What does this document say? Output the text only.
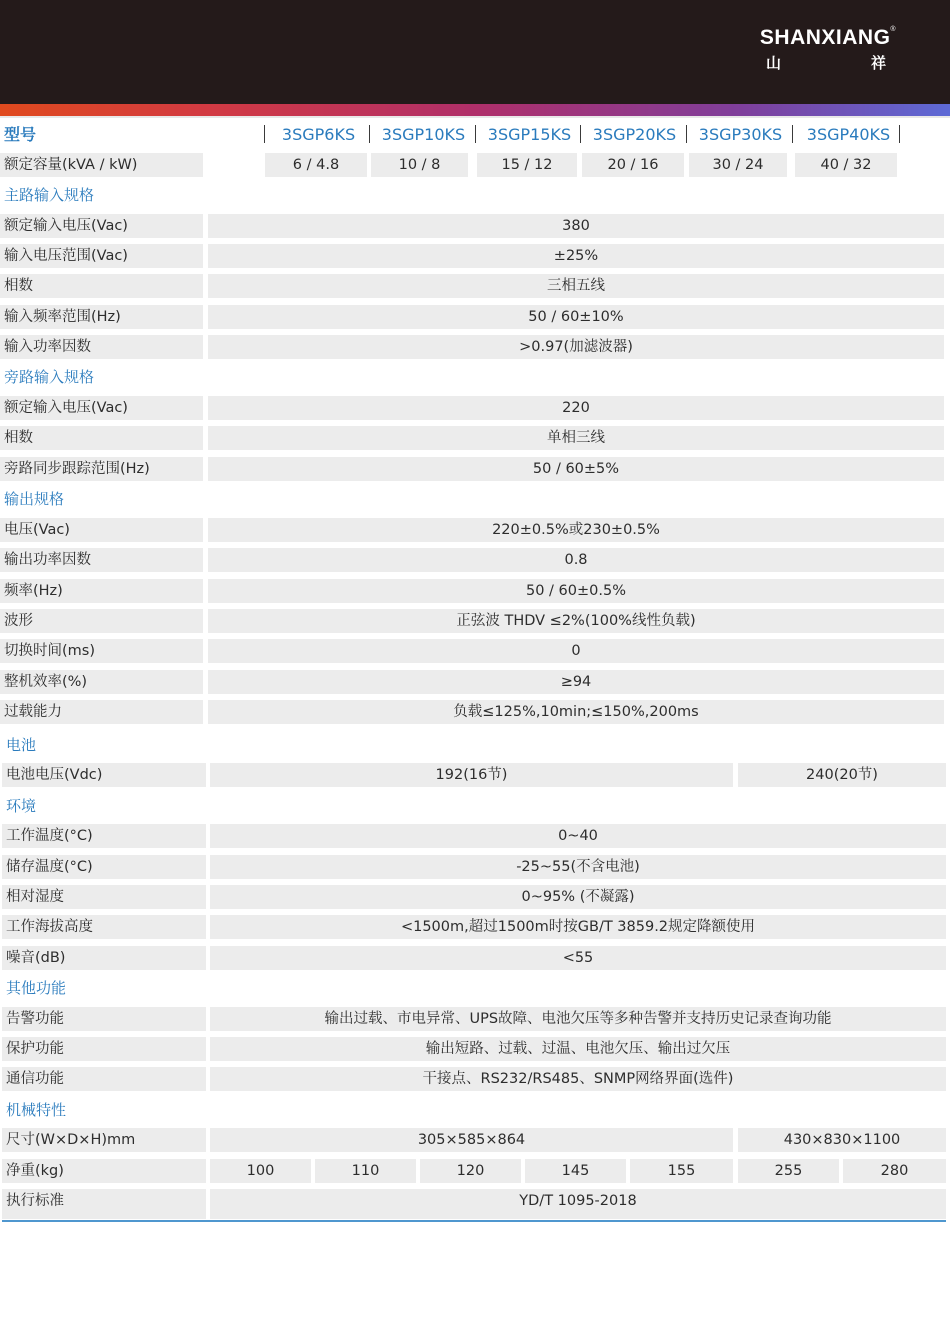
SHANXIANG®
山	祥
型号	3SGP6KS	3SGP10KS	3SGP15KS	3SGP20KS	3SGP30KS	3SGP40KS
额定容量(kVA / kW)	6 / 4.8	10 / 8	15 / 12	20 / 16	30 / 24	40 / 32
主路输入规格
额定输入电压(Vac)	380
输入电压范围(Vac)	±25%
相数	三相五线
输入频率范围(Hz)	50 / 60±10%
输入功率因数	>0.97(加滤波器)
旁路输入规格
额定输入电压(Vac)	220
相数	单相三线
旁路同步跟踪范围(Hz)	50 / 60±5%
输出规格
电压(Vac)	220±0.5%或230±0.5%
输出功率因数	0.8
频率(Hz)	50 / 60±0.5%
波形	正弦波 THDV ≤2%(100%线性负载)
切换时间(ms)	0
整机效率(%)	≥94
过载能力	负载≤125%,10min;≤150%,200ms
电池
电池电压(Vdc)	192(16节)	240(20节)
环境
工作温度(°C)	0~40
储存温度(°C)	-25~55(不含电池)
相对湿度	0~95% (不凝露)
工作海拔高度	<1500m,超过1500m时按GB/T 3859.2规定降额使用
噪音(dB)	<55
其他功能
告警功能	输出过载、市电异常、UPS故障、电池欠压等多种告警并支持历史记录查询功能
保护功能	输出短路、过载、过温、电池欠压、输出过欠压
通信功能	干接点、RS232/RS485、SNMP网络界面(选件)
机械特性
尺寸(W×D×H)mm	305×585×864	430×830×1100
净重(kg)	100	110	120	145	155	255	280
执行标准	YD/T 1095-2018
